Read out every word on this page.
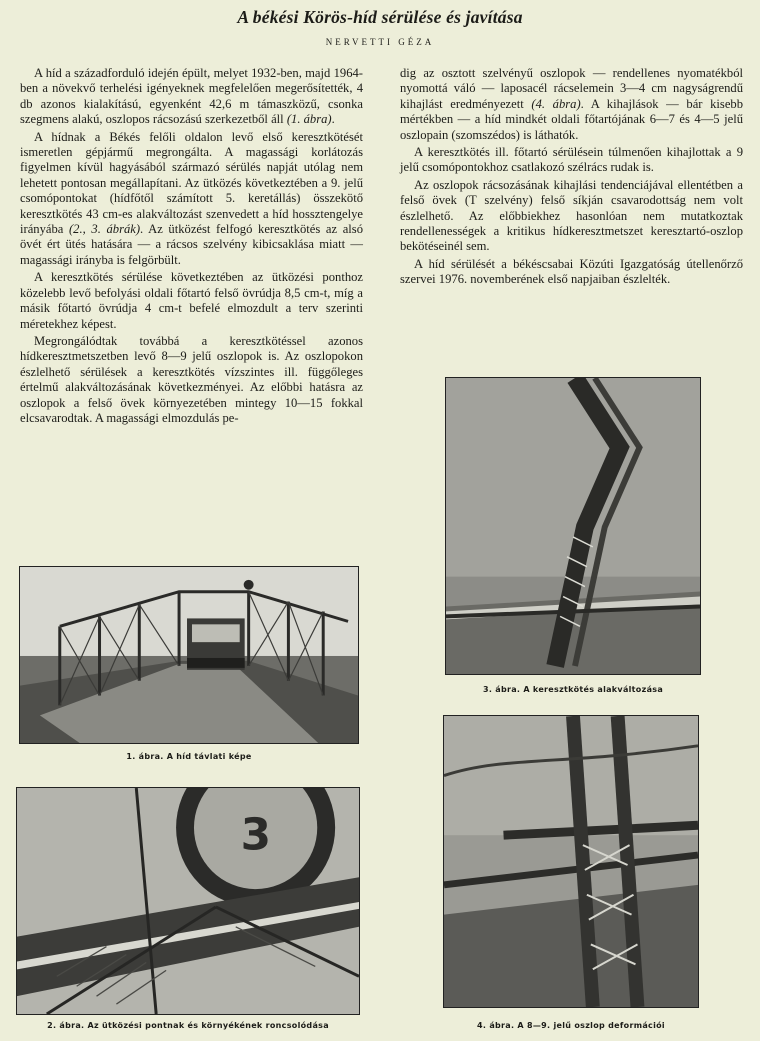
A békési Körös-híd sérülése és javítása
NERVETTI GÉZA

A híd a századforduló idején épült, melyet 1932-ben, majd 1964-ben a növekvő terhelési igényeknek megfelelően megerősítették, 4 db azonos kialakítású, egyenként 42,6 m támaszközű, csonka szegmens alakú, oszlopos rácsozású szerkezetből áll (1. ábra).

A hídnak a Békés felőli oldalon levő első keresztkötését ismeretlen gépjármű megrongálta. A magassági korlátozás figyelmen kívül hagyásából származó sérülés napját utólag nem lehetett pontosan megállapítani. Az ütközés következtében a 9. jelű csomópontokat (hídfőtől számított 5. keretállás) összekötő keresztkötés 43 cm-es alakváltozást szenvedett a híd hossztengelye irányába (2., 3. ábrák). Az ütközést felfogó keresztkötés az alsó övét ért ütés hatására — a rácsos szelvény kibicsaklása miatt — magassági irányba is felgörbült.

A keresztkötés sérülése következtében az ütközési ponthoz közelebb levő befolyási oldali főtartó felső övrúdja 8,5 cm-t, míg a másik főtartó övrúdja 4 cm-t befelé elmozdult a terv szerinti méretekhez képest.

Megrongálódtak továbbá a keresztkötéssel azonos hídkeresztmetszetben levő 8—9 jelű oszlopok is. Az oszlopokon észlelhető sérülések a keresztkötés vízszintes ill. függőleges értelmű alakváltozásának következményei. Az előbbi hatásra az oszlopok a felső övek környezetében mintegy 10—15 fokkal elcsavarodtak. A magassági elmozdulás pe-

dig az osztott szelvényű oszlopok — rendellenes nyomatékból nyomottá váló — laposacél rácselemein 3—4 cm nagyságrendű kihajlást eredményezett (4. ábra). A kihajlások — bár kisebb mértékben — a híd mindkét oldali főtartójának 6—7 és 4—5 jelű oszlopain (szomszédos) is láthatók.

A keresztkötés ill. főtartó sérülésein túlmenően kihajlottak a 9 jelű csomópontokhoz csatlakozó szélrács rudak is.

Az oszlopok rácsozásának kihajlási tendenciájával ellentétben a felső övek (T szelvény) felső síkján csavarodottság nem volt észlelhető. Az előbbiekhez hasonlóan nem mutatkoztak rendellenességek a kritikus hídkeresztmetszet keresztartó-oszlop bekötéseinél sem.

A híd sérülését a békéscsabai Közúti Igazgatóság útellenőrző szervei 1976. novemberének első napjaiban észlelték.

1. ábra. A híd távlati képe
3
2. ábra. Az ütközési pontnak és környékének roncsolódása
3. ábra. A keresztkötés alakváltozása
4. ábra. A 8—9. jelű oszlop deformációi
